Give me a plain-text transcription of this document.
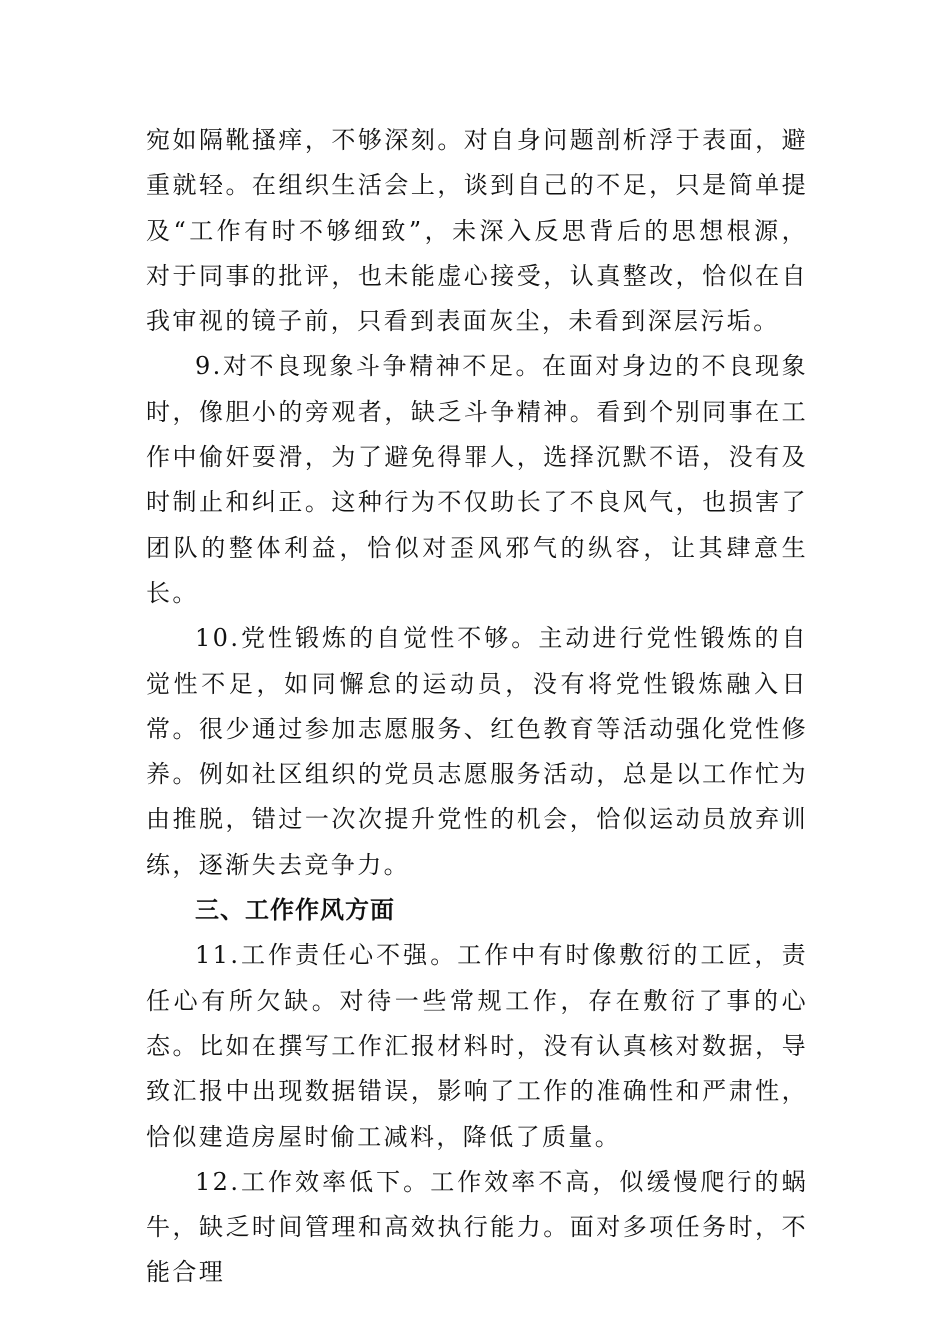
宛如隔靴搔痒，不够深刻。对自身问题剖析浮于表面，避重就轻。在组织生活会上，谈到自己的不足，只是简单提及“工作有时不够细致”，未深入反思背后的思想根源，对于同事的批评，也未能虚心接受，认真整改，恰似在自我审视的镜子前，只看到表面灰尘，未看到深层污垢。

9.对不良现象斗争精神不足。在面对身边的不良现象时，像胆小的旁观者，缺乏斗争精神。看到个别同事在工作中偷奸耍滑，为了避免得罪人，选择沉默不语，没有及时制止和纠正。这种行为不仅助长了不良风气，也损害了团队的整体利益，恰似对歪风邪气的纵容，让其肆意生长。

10.党性锻炼的自觉性不够。主动进行党性锻炼的自觉性不足，如同懈怠的运动员，没有将党性锻炼融入日常。很少通过参加志愿服务、红色教育等活动强化党性修养。例如社区组织的党员志愿服务活动，总是以工作忙为由推脱，错过一次次提升党性的机会，恰似运动员放弃训练，逐渐失去竞争力。

三、工作作风方面

11.工作责任心不强。工作中有时像敷衍的工匠，责任心有所欠缺。对待一些常规工作，存在敷衍了事的心态。比如在撰写工作汇报材料时，没有认真核对数据，导致汇报中出现数据错误，影响了工作的准确性和严肃性，恰似建造房屋时偷工减料，降低了质量。

12.工作效率低下。工作效率不高，似缓慢爬行的蜗牛，缺乏时间管理和高效执行能力。面对多项任务时，不能合理
